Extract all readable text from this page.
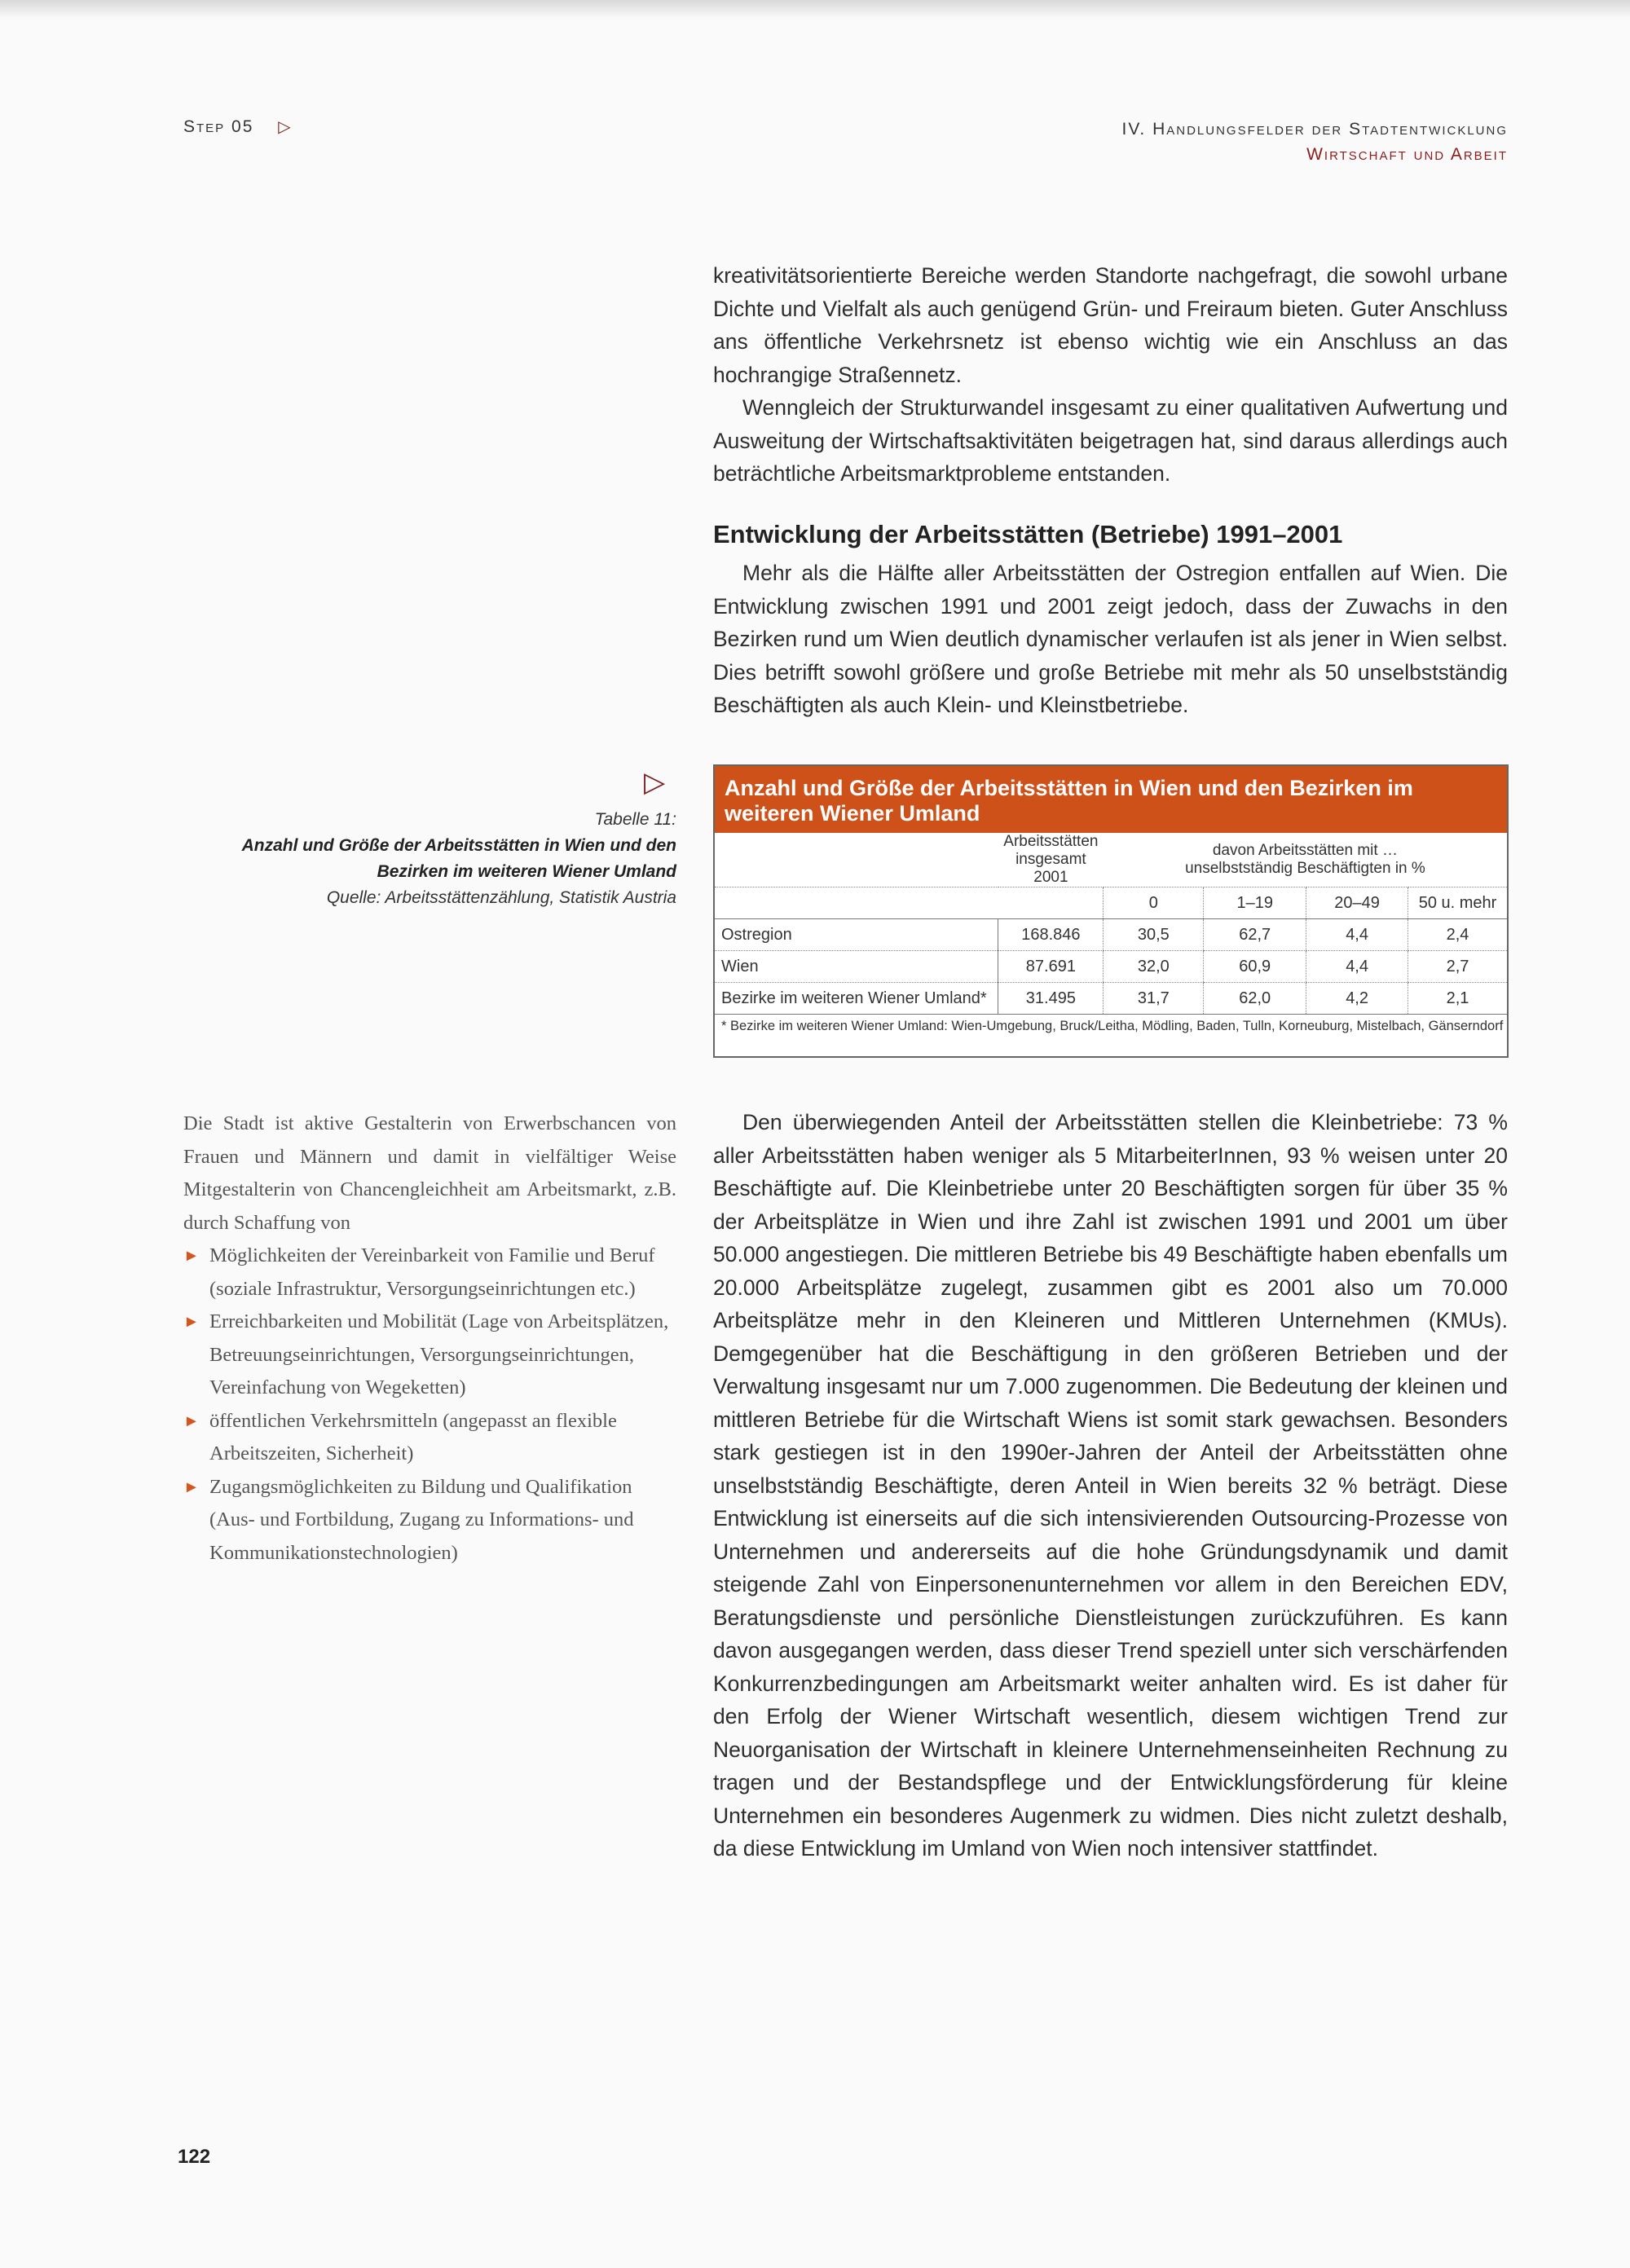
Step 05 ▷	IV. Handlungsfelder der Stadtentwicklung
Wirtschaft und Arbeit

kreativitätsorientierte Bereiche werden Standorte nachgefragt, die sowohl urbane Dichte und Vielfalt als auch genügend Grün- und Freiraum bieten. Guter Anschluss ans öffentliche Verkehrsnetz ist ebenso wichtig wie ein Anschluss an das hochrangige Straßennetz.

Wenngleich der Strukturwandel insgesamt zu einer qualitativen Aufwertung und Ausweitung der Wirtschaftsaktivitäten beigetragen hat, sind daraus allerdings auch beträchtliche Arbeitsmarktprobleme entstanden.

Entwicklung der Arbeitsstätten (Betriebe) 1991–2001

Mehr als die Hälfte aller Arbeitsstätten der Ostregion entfallen auf Wien. Die Entwicklung zwischen 1991 und 2001 zeigt jedoch, dass der Zuwachs in den Bezirken rund um Wien deutlich dynamischer verlaufen ist als jener in Wien selbst. Dies betrifft sowohl größere und große Betriebe mit mehr als 50 unselbstständig Beschäftigten als auch Klein- und Kleinstbetriebe.

▷
Tabelle 11:
Anzahl und Größe der Arbeitsstätten in Wien und den Bezirken im weiteren Wiener Umland
Quelle: Arbeitsstättenzählung, Statistik Austria
Anzahl und Größe der Arbeitsstätten in Wien und den Bezirken im weiteren Wiener Umland
	Arbeitsstätten insgesamt 2001	davon Arbeitsstätten mit … unselbstständig Beschäftigten in %			
		0	1–19	20–49	50 u. mehr
Ostregion	168.846	30,5	62,7	4,4	2,4
Wien	87.691	32,0	60,9	4,4	2,7
Bezirke im weiteren Wiener Umland*	31.495	31,7	62,0	4,2	2,1
* Bezirke im weiteren Wiener Umland: Wien-Umgebung, Bruck/Leitha, Mödling, Baden, Tulln, Korneuburg, Mistelbach, Gänserndorf

Die Stadt ist aktive Gestalterin von Erwerbschancen von Frauen und Männern und damit in vielfältiger Weise Mitgestalterin von Chancengleichheit am Arbeitsmarkt, z.B. durch Schaffung von

► Möglichkeiten der Vereinbarkeit von Familie und Beruf (soziale Infrastruktur, Versorgungseinrichtungen etc.)
► Erreichbarkeiten und Mobilität (Lage von Arbeitsplätzen, Betreuungseinrichtungen, Versorgungseinrichtungen, Vereinfachung von Wegeketten)
► öffentlichen Verkehrsmitteln (angepasst an flexible Arbeitszeiten, Sicherheit)
► Zugangsmöglichkeiten zu Bildung und Qualifikation (Aus- und Fortbildung, Zugang zu Informations- und Kommunikationstechnologien)

Den überwiegenden Anteil der Arbeitsstätten stellen die Kleinbetriebe: 73 % aller Arbeitsstätten haben weniger als 5 MitarbeiterInnen, 93 % weisen unter 20 Beschäftigte auf. Die Kleinbetriebe unter 20 Beschäftigten sorgen für über 35 % der Arbeitsplätze in Wien und ihre Zahl ist zwischen 1991 und 2001 um über 50.000 angestiegen. Die mittleren Betriebe bis 49 Beschäftigte haben ebenfalls um 20.000 Arbeitsplätze zugelegt, zusammen gibt es 2001 also um 70.000 Arbeitsplätze mehr in den Kleineren und Mittleren Unternehmen (KMUs). Demgegenüber hat die Beschäftigung in den größeren Betrieben und der Verwaltung insgesamt nur um 7.000 zugenommen. Die Bedeutung der kleinen und mittleren Betriebe für die Wirtschaft Wiens ist somit stark gewachsen. Besonders stark gestiegen ist in den 1990er-Jahren der Anteil der Arbeitsstätten ohne unselbstständig Beschäftigte, deren Anteil in Wien bereits 32 % beträgt. Diese Entwicklung ist einerseits auf die sich intensivierenden Outsourcing-Prozesse von Unternehmen und andererseits auf die hohe Gründungsdynamik und damit steigende Zahl von Einpersonenunternehmen vor allem in den Bereichen EDV, Beratungsdienste und persönliche Dienstleistungen zurückzuführen. Es kann davon ausgegangen werden, dass dieser Trend speziell unter sich verschärfenden Konkurrenzbedingungen am Arbeitsmarkt weiter anhalten wird. Es ist daher für den Erfolg der Wiener Wirtschaft wesentlich, diesem wichtigen Trend zur Neuorganisation der Wirtschaft in kleinere Unternehmenseinheiten Rechnung zu tragen und der Bestandspflege und der Entwicklungsförderung für kleine Unternehmen ein besonderes Augenmerk zu widmen. Dies nicht zuletzt deshalb, da diese Entwicklung im Umland von Wien noch intensiver stattfindet.

122
